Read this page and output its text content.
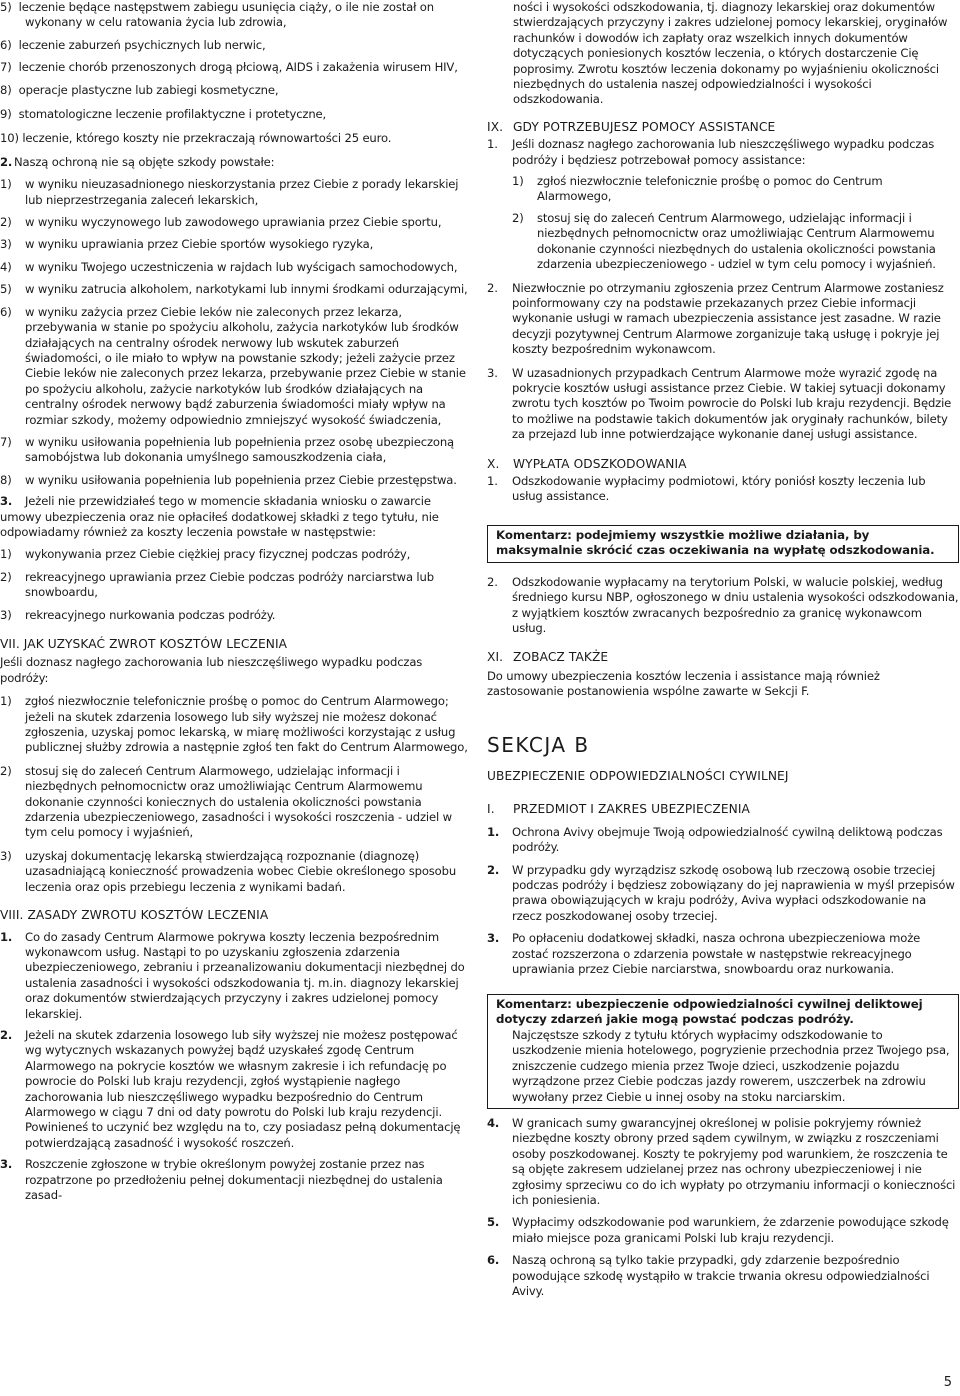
5)  leczenie będące następstwem zabiegu usunięcia ciąży, o ile nie został on wykonany w celu ratowania życia lub zdrowia,
6)  leczenie zaburzeń psychicznych lub nerwic,
7)  leczenie chorób przenoszonych drogą płciową, AIDS i zakażenia wirusem HIV,
8)  operacje plastyczne lub zabiegi kosmetyczne,
9)  stomatologiczne leczenie profilaktyczne i protetyczne,
10) leczenie, którego koszty nie przekraczają równowartości 25 euro.
2. Naszą ochroną nie są objęte szkody powstałe:
1) w wyniku nieuzasadnionego nieskorzystania przez Ciebie z porady lekarskiej lub nieprzestrzegania zaleceń lekarskich,
2) w wyniku wyczynowego lub zawodowego uprawiania przez Ciebie sportu,
3) w wyniku uprawiania przez Ciebie sportów wysokiego ryzyka,
4) w wyniku Twojego uczestniczenia w rajdach lub wyścigach samochodowych,
5) w wyniku zatrucia alkoholem, narkotykami lub innymi środkami odurzającymi,
6) w wyniku zażycia przez Ciebie leków nie zaleconych przez lekarza, przebywania w stanie po spożyciu alkoholu, zażycia narkotyków lub środków działających na centralny ośrodek nerwowy lub wskutek zaburzeń świadomości, o ile miało to wpływ na powstanie szkody; jeżeli zażycie przez Ciebie leków nie zaleconych przez lekarza, przebywanie przez Ciebie w stanie po spożyciu alkoholu, zażycie narkotyków lub środków działających na centralny ośrodek nerwowy bądź zaburzenia świadomości miały wpływ na rozmiar szkody, możemy odpowiednio zmniejszyć wysokość świadczenia,
7) w wyniku usiłowania popełnienia lub popełnienia przez osobę ubezpieczoną samobójstwa lub dokonania umyślnego samouszkodzenia ciała,
8) w wyniku usiłowania popełnienia lub popełnienia przez Ciebie przestępstwa.
3.	Jeżeli nie przewidziałeś tego w momencie składania wniosku o zawarcie umowy ubezpieczenia oraz nie opłaciłeś dodatkowej składki z tego tytułu, nie odpowiadamy również za koszty leczenia powstałe w następstwie:
1) wykonywania przez Ciebie ciężkiej pracy fizycznej podczas podróży,
2) rekreacyjnego uprawiania przez Ciebie podczas podróży narciarstwa lub snowboardu,
3) rekreacyjnego nurkowania podczas podróży.
VII. JAK UZYSKAĆ ZWROT KOSZTÓW LECZENIA
Jeśli doznasz nagłego zachorowania lub nieszczęśliwego wypadku podczas podróży:
1) zgłoś niezwłocznie telefonicznie prośbę o pomoc do Centrum Alarmowego; jeżeli na skutek zdarzenia losowego lub siły wyższej nie możesz dokonać zgłoszenia, uzyskaj pomoc lekarską, w miarę możliwości korzystając z usług publicznej służby zdrowia a następnie zgłoś ten fakt do Centrum Alarmowego,
2) stosuj się do zaleceń Centrum Alarmowego, udzielając informacji i niezbędnych pełnomocnictw oraz umożliwiając Centrum Alarmowemu dokonanie czynności koniecznych do ustalenia okoliczności powstania zdarzenia ubezpieczeniowego, zasadności i wysokości roszczenia - udziel w tym celu pomocy i wyjaśnień,
3) uzyskaj dokumentację lekarską stwierdzającą rozpoznanie (diagnozę) uzasadniającą konieczność prowadzenia wobec Ciebie określonego sposobu leczenia oraz opis przebiegu leczenia z wynikami badań.
VIII. ZASADY ZWROTU KOSZTÓW LECZENIA
1. Co do zasady Centrum Alarmowe pokrywa koszty leczenia bezpośrednim wykonawcom usług. Nastąpi to po uzyskaniu zgłoszenia zdarzenia ubezpieczeniowego, zebraniu i przeanalizowaniu dokumentacji niezbędnej do ustalenia zasadności i wysokości odszkodowania tj. m.in. diagnozy lekarskiej oraz dokumentów stwierdzających przyczyny i zakres udzielonej pomocy lekarskiej.
2. Jeżeli na skutek zdarzenia losowego lub siły wyższej nie możesz postępować wg wytycznych wskazanych powyżej bądź uzyskałeś zgodę Centrum Alarmowego na pokrycie kosztów we własnym zakresie i ich refundację po powrocie do Polski lub kraju rezydencji, zgłoś wystąpienie nagłego zachorowania lub nieszczęśliwego wypadku bezpośrednio do Centrum Alarmowego w ciągu 7 dni od daty powrotu do Polski lub kraju rezydencji. Powinieneś to uczynić bez względu na to, czy posiadasz pełną dokumentację potwierdzającą zasadność i wysokość roszczeń.
3. Roszczenie zgłoszone w trybie określonym powyżej zostanie przez nas rozpatrzone po przedłożeniu pełnej dokumentacji niezbędnej do ustalenia zasad-
ności i wysokości odszkodowania, tj. diagnozy lekarskiej oraz dokumentów stwierdzających przyczyny i zakres udzielonej pomocy lekarskiej, oryginałów rachunków i dowodów ich zapłaty oraz wszelkich innych dokumentów dotyczących poniesionych kosztów leczenia, o których dostarczenie Cię poprosimy. Zwrotu kosztów leczenia dokonamy po wyjaśnieniu okoliczności niezbędnych do ustalenia naszej odpowiedzialności i wysokości odszkodowania.
IX. GDY POTRZEBUJESZ POMOCY ASSISTANCE
1. Jeśli doznasz nagłego zachorowania lub nieszczęśliwego wypadku podczas podróży i będziesz potrzebował pomocy assistance:
1) zgłoś niezwłocznie telefonicznie prośbę o pomoc do Centrum Alarmowego,
2) stosuj się do zaleceń Centrum Alarmowego, udzielając informacji i niezbędnych pełnomocnictw oraz umożliwiając Centrum Alarmowemu dokonanie czynności niezbędnych do ustalenia okoliczności powstania zdarzenia ubezpieczeniowego - udziel w tym celu pomocy i wyjaśnień.
2. Niezwłocznie po otrzymaniu zgłoszenia przez Centrum Alarmowe zostaniesz poinformowany czy na podstawie przekazanych przez Ciebie informacji wykonanie usługi w ramach ubezpieczenia assistance jest zasadne. W razie decyzji pozytywnej Centrum Alarmowe zorganizuje taką usługę i pokryje jej koszty bezpośrednim wykonawcom.
3. W uzasadnionych przypadkach Centrum Alarmowe może wyrazić zgodę na pokrycie kosztów usługi assistance przez Ciebie. W takiej sytuacji dokonamy zwrotu tych kosztów po Twoim powrocie do Polski lub kraju rezydencji. Będzie to możliwe na podstawie takich dokumentów jak oryginały rachunków, bilety za przejazd lub inne potwierdzające wykonanie danej usługi assistance.
X. WYPŁATA ODSZKODOWANIA
1. Odszkodowanie wypłacimy podmiotowi, który poniósł koszty leczenia lub usług assistance.
Komentarz: podejmiemy wszystkie możliwe działania, by maksymalnie skrócić czas oczekiwania na wypłatę odszkodowania.
2. Odszkodowanie wypłacamy na terytorium Polski, w walucie polskiej, według średniego kursu NBP, ogłoszonego w dniu ustalenia wysokości odszkodowania, z wyjątkiem kosztów zwracanych bezpośrednio za granicę wykonawcom usług.
XI. ZOBACZ TAKŻE
Do umowy ubezpieczenia kosztów leczenia i assistance mają również zastosowanie postanowienia wspólne zawarte w Sekcji F.
SEKCJA B
UBEZPIECZENIE ODPOWIEDZIALNOŚCI CYWILNEJ
I. PRZEDMIOT I ZAKRES UBEZPIECZENIA
1. Ochrona Avivy obejmuje Twoją odpowiedzialność cywilną deliktową podczas podróży.
2. W przypadku gdy wyrządzisz szkodę osobową lub rzeczową osobie trzeciej podczas podróży i będziesz zobowiązany do jej naprawienia w myśl przepisów prawa obowiązujących w kraju podróży, Aviva wypłaci odszkodowanie na rzecz poszkodowanej osoby trzeciej.
3. Po opłaceniu dodatkowej składki, nasza ochrona ubezpieczeniowa może zostać rozszerzona o zdarzenia powstałe w następstwie rekreacyjnego uprawiania przez Ciebie narciarstwa, snowboardu oraz nurkowania.
Komentarz: ubezpieczenie odpowiedzialności cywilnej deliktowej dotyczy zdarzeń jakie mogą powstać podczas podróży.
Najczęstsze szkody z tytułu których wypłacimy odszkodowanie to uszkodzenie mienia hotelowego, pogryzienie przechodnia przez Twojego psa, zniszczenie cudzego mienia przez Twoje dzieci, uszkodzenie pojazdu wyrządzone przez Ciebie podczas jazdy rowerem, uszczerbek na zdrowiu wywołany przez Ciebie u innej osoby na stoku narciarskim.
4. W granicach sumy gwarancyjnej określonej w polisie pokryjemy również niezbędne koszty obrony przed sądem cywilnym, w związku z roszczeniami osoby poszkodowanej. Koszty te pokryjemy pod warunkiem, że roszczenia te są objęte zakresem udzielanej przez nas ochrony ubezpieczeniowej i nie zgłosimy sprzeciwu co do ich wypłaty po otrzymaniu informacji o konieczności ich poniesienia.
5. Wypłacimy odszkodowanie pod warunkiem, że zdarzenie powodujące szkodę miało miejsce poza granicami Polski lub kraju rezydencji.
6. Naszą ochroną są tylko takie przypadki, gdy zdarzenie bezpośrednio powodujące szkodę wystąpiło w trakcie trwania okresu odpowiedzialności Avivy.
5
